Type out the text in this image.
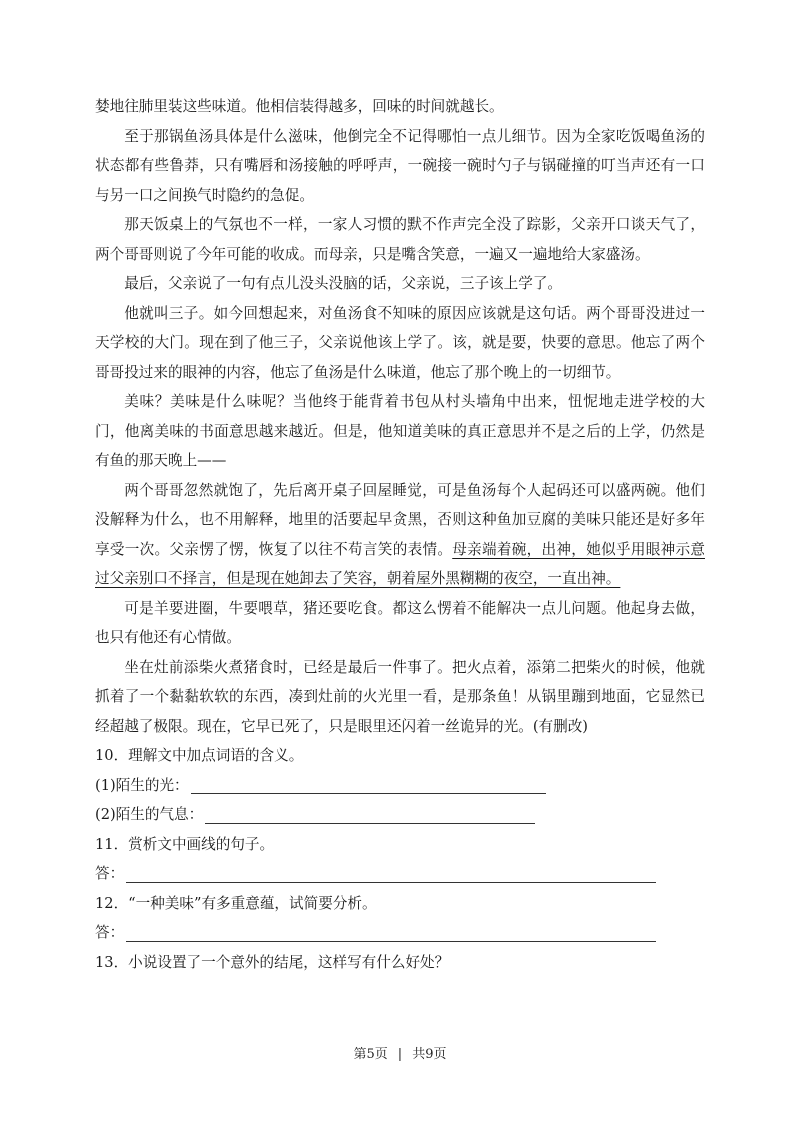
婪地往肺里装这些味道。他相信装得越多，回味的时间就越长。

至于那锅鱼汤具体是什么滋味，他倒完全不记得哪怕一点儿细节。因为全家吃饭喝鱼汤的状态都有些鲁莽，只有嘴唇和汤接触的呼呼声，一碗接一碗时勺子与锅碰撞的叮当声还有一口与另一口之间换气时隐约的急促。

那天饭桌上的气氛也不一样，一家人习惯的默不作声完全没了踪影，父亲开口谈天气了，两个哥哥则说了今年可能的收成。而母亲，只是嘴含笑意，一遍又一遍地给大家盛汤。

最后，父亲说了一句有点儿没头没脑的话，父亲说，三子该上学了。

他就叫三子。如今回想起来，对鱼汤食不知味的原因应该就是这句话。两个哥哥没进过一天学校的大门。现在到了他三子，父亲说他该上学了。该，就是要，快要的意思。他忘了两个哥哥投过来的眼神的内容，他忘了鱼汤是什么味道，他忘了那个晚上的一切细节。

美味？美味是什么味呢？当他终于能背着书包从村头墙角中出来，忸怩地走进学校的大门，他离美味的书面意思越来越近。但是，他知道美味的真正意思并不是之后的上学，仍然是有鱼的那天晚上——

两个哥哥忽然就饱了，先后离开桌子回屋睡觉，可是鱼汤每个人起码还可以盛两碗。他们没解释为什么，也不用解释，地里的活要起早贪黑，否则这种鱼加豆腐的美味只能还是好多年享受一次。父亲愣了愣，恢复了以往不苟言笑的表情。母亲端着碗，出神，她似乎用眼神示意过父亲别口不择言，但是现在她卸去了笑容，朝着屋外黑糊糊的夜空，一直出神。

可是羊要进圈，牛要喂草，猪还要吃食。都这么愣着不能解决一点儿问题。他起身去做，也只有他还有心情做。

坐在灶前添柴火煮猪食时，已经是最后一件事了。把火点着，添第二把柴火的时候，他就抓着了一个黏黏软软的东西，凑到灶前的火光里一看，是那条鱼！从锅里蹦到地面，它显然已经超越了极限。现在，它早已死了，只是眼里还闪着一丝诡异的光。(有删改)

10．理解文中加点词语的含义。
(1)陌生的光：
(2)陌生的气息：
11．赏析文中画线的句子。
答：
12．“一种美味”有多重意蕴，试简要分析。
答：
13．小说设置了一个意外的结尾，这样写有什么好处？
第5页 | 共9页
